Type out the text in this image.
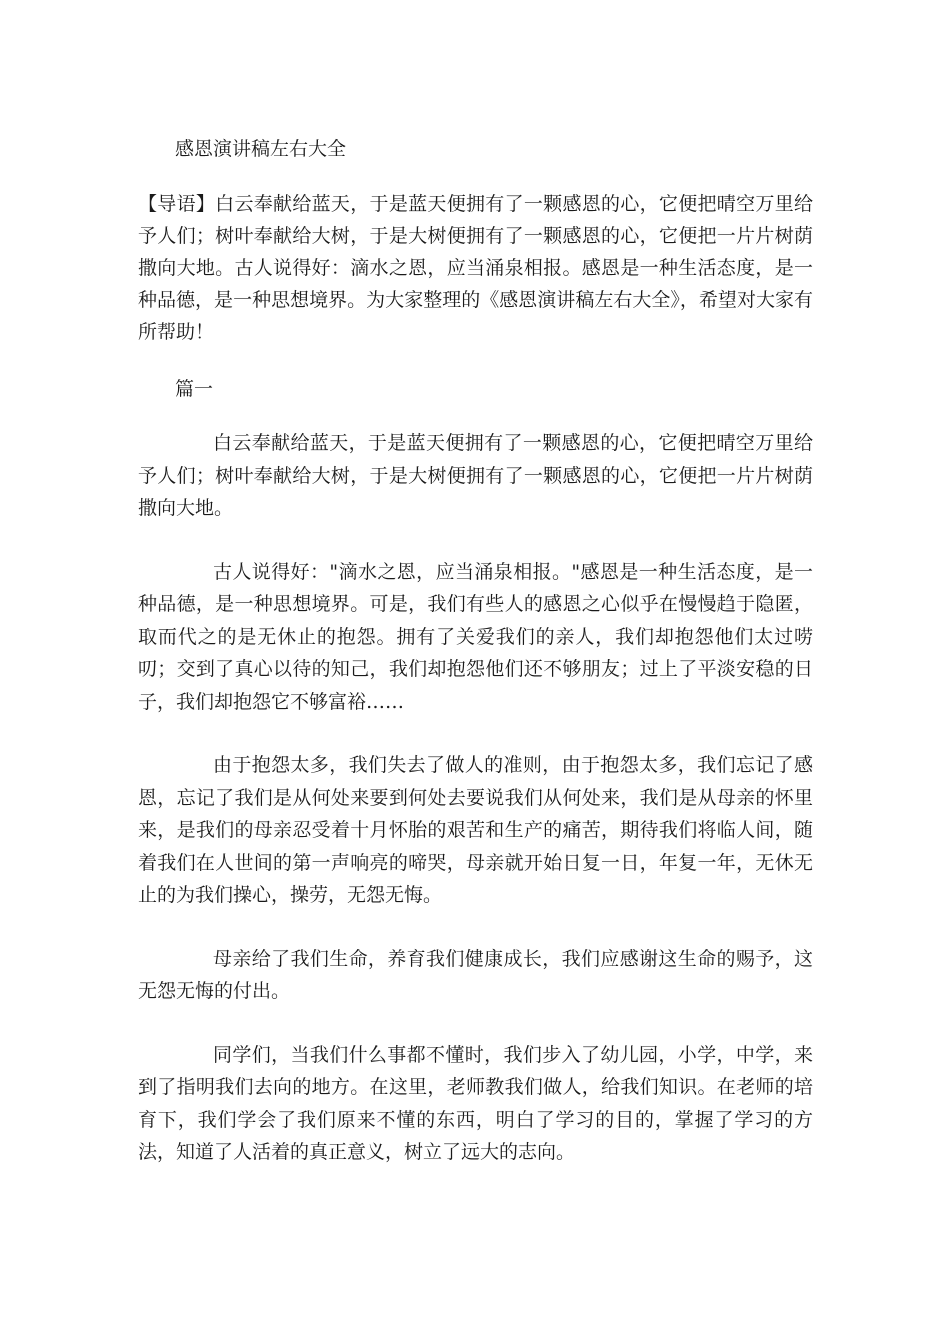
感恩演讲稿左右大全
【导语】白云奉献给蓝天，于是蓝天便拥有了一颗感恩的心，它便把晴空万里给予人们；树叶奉献给大树，于是大树便拥有了一颗感恩的心，它便把一片片树荫撒向大地。古人说得好：滴水之恩，应当涌泉相报。感恩是一种生活态度，是一种品德，是一种思想境界。为大家整理的《感恩演讲稿左右大全》，希望对大家有所帮助！
篇一

白云奉献给蓝天，于是蓝天便拥有了一颗感恩的心，它便把晴空万里给予人们；树叶奉献给大树，于是大树便拥有了一颗感恩的心，它便把一片片树荫撒向大地。

古人说得好："滴水之恩，应当涌泉相报。"感恩是一种生活态度，是一种品德，是一种思想境界。可是，我们有些人的感恩之心似乎在慢慢趋于隐匿，取而代之的是无休止的抱怨。拥有了关爱我们的亲人，我们却抱怨他们太过唠叨；交到了真心以待的知己，我们却抱怨他们还不够朋友；过上了平淡安稳的日子，我们却抱怨它不够富裕……

由于抱怨太多，我们失去了做人的准则，由于抱怨太多，我们忘记了感恩，忘记了我们是从何处来要到何处去要说我们从何处来，我们是从母亲的怀里来，是我们的母亲忍受着十月怀胎的艰苦和生产的痛苦，期待我们将临人间，随着我们在人世间的第一声响亮的啼哭，母亲就开始日复一日，年复一年，无休无止的为我们操心，操劳，无怨无悔。

母亲给了我们生命，养育我们健康成长，我们应感谢这生命的赐予，这无怨无悔的付出。

同学们，当我们什么事都不懂时，我们步入了幼儿园，小学，中学，来到了指明我们去向的地方。在这里，老师教我们做人，给我们知识。在老师的培育下，我们学会了我们原来不懂的东西，明白了学习的目的，掌握了学习的方法，知道了人活着的真正意义，树立了远大的志向。
